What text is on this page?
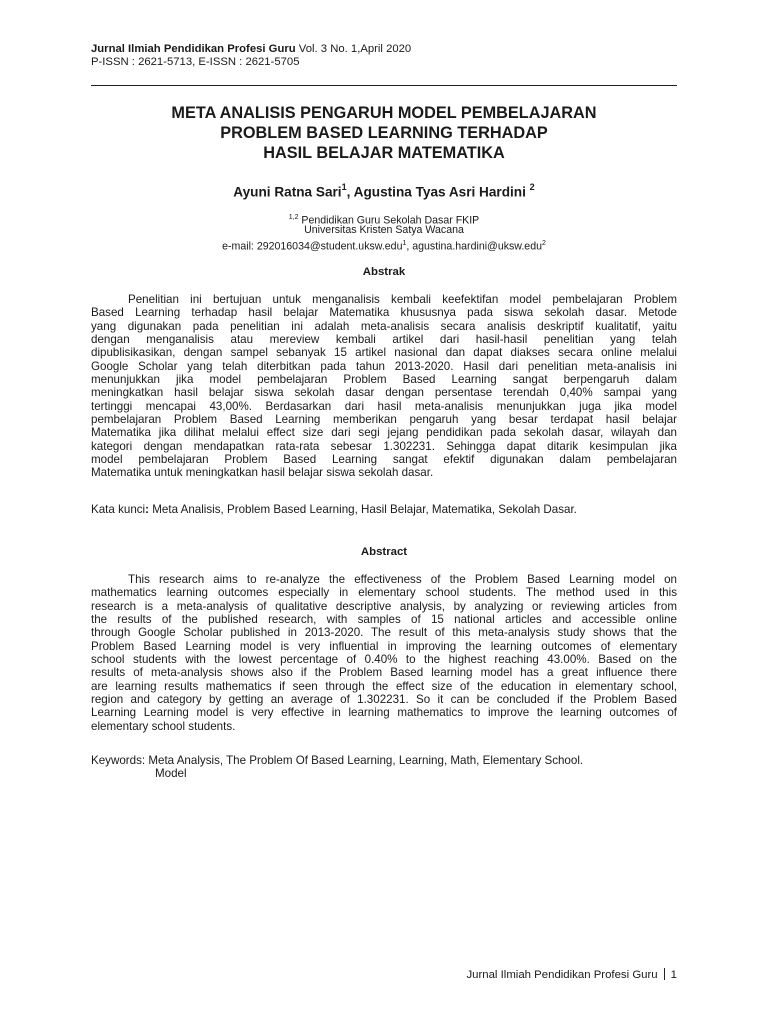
Jurnal Ilmiah Pendidikan Profesi Guru Vol. 3 No. 1,April 2020
P-ISSN : 2621-5713, E-ISSN : 2621-5705
META ANALISIS PENGARUH MODEL PEMBELAJARAN
PROBLEM BASED LEARNING TERHADAP
HASIL BELAJAR MATEMATIKA
Ayuni Ratna Sari$^1$, Agustina Tyas Asri Hardini $^2$
$^{1,2}$ Pendidikan Guru Sekolah Dasar FKIP
Universitas Kristen Satya Wacana
e-mail: 292016034@student.uksw.edu$^1$, agustina.hardini@uksw.edu$^2$
Abstrak
Penelitian ini bertujuan untuk menganalisis kembali keefektifan model pembelajaran Problem
Based Learning terhadap hasil belajar Matematika khususnya pada siswa sekolah dasar. Metode
yang digunakan pada penelitian ini adalah meta-analisis secara analisis deskriptif kualitatif, yaitu
dengan menganalisis atau mereview kembali artikel dari hasil-hasil penelitian yang telah
dipublisikasikan, dengan sampel sebanyak 15 artikel nasional dan dapat diakses secara online melalui
Google Scholar yang telah diterbitkan pada tahun 2013-2020. Hasil dari penelitian meta-analisis ini
menunjukkan jika model pembelajaran Problem Based Learning sangat berpengaruh dalam
meningkatkan hasil belajar siswa sekolah dasar dengan persentase terendah 0,40% sampai yang
tertinggi mencapai 43,00%. Berdasarkan dari hasil meta-analisis menunjukkan juga jika model
pembelajaran Problem Based Learning memberikan pengaruh yang besar terdapat hasil belajar
Matematika jika dilihat melalui effect size dari segi jejang pendidikan pada sekolah dasar, wilayah dan
kategori dengan mendapatkan rata-rata sebesar 1.302231. Sehingga dapat ditarik kesimpulan jika
model pembelajaran Problem Based Learning sangat efektif digunakan dalam pembelajaran
Matematika untuk meningkatkan hasil belajar siswa sekolah dasar.
Kata kunci: Meta Analisis, Problem Based Learning, Hasil Belajar, Matematika, Sekolah Dasar.
Abstract
This research aims to re-analyze the effectiveness of the Problem Based Learning model on
mathematics learning outcomes especially in elementary school students. The method used in this
research is a meta-analysis of qualitative descriptive analysis, by analyzing or reviewing articles from
the results of the published research, with samples of 15 national articles and accessible online
through Google Scholar published in 2013-2020. The result of this meta-analysis study shows that the
Problem Based Learning model is very influential in improving the learning outcomes of elementary
school students with the lowest percentage of 0.40% to the highest reaching 43.00%. Based on the
results of meta-analysis shows also if the Problem Based learning model has a great influence there
are learning results mathematics if seen through the effect size of the education in elementary school,
region and category by getting an average of 1.302231. So it can be concluded if the Problem Based
Learning Learning model is very effective in learning mathematics to improve the learning outcomes of
elementary school students.
Keywords: Meta Analysis, The Problem Of Based Learning, Learning, Math, Elementary School.
Model
Jurnal Ilmiah Pendidikan Profesi Guru 1
